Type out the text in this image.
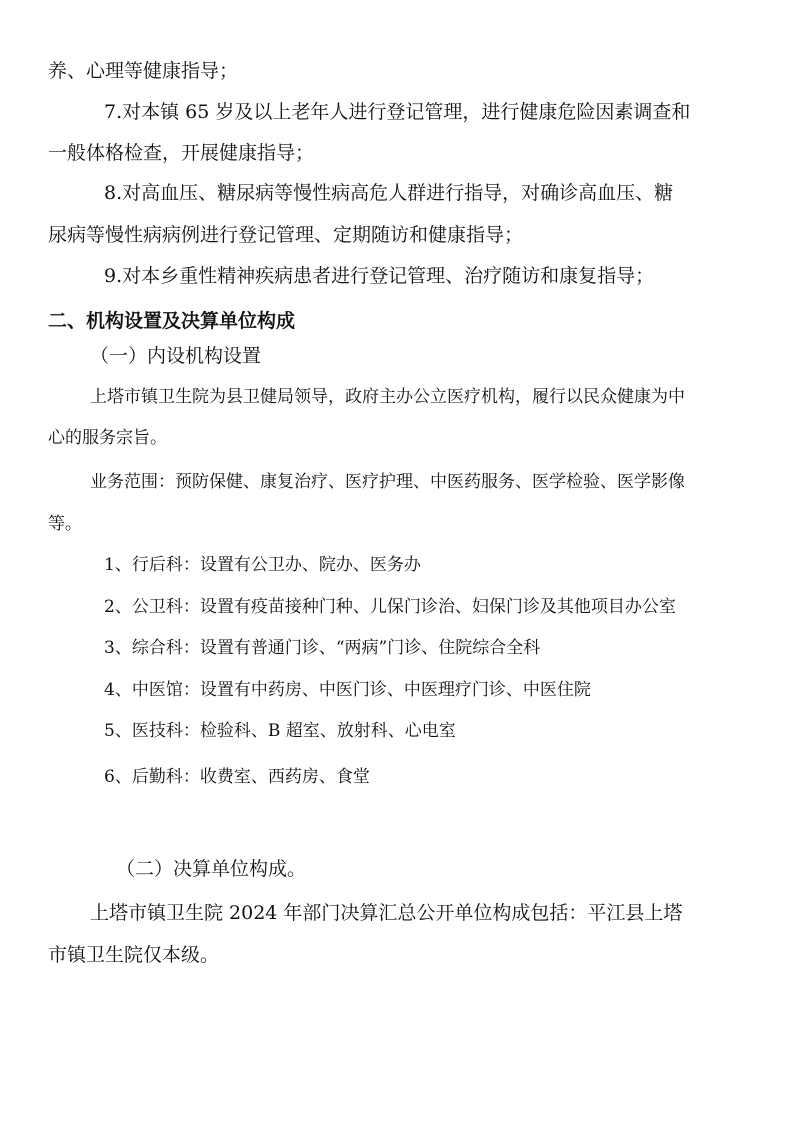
养、心理等健康指导；
7.对本镇 65 岁及以上老年人进行登记管理，进行健康危险因素调查和
一般体格检查，开展健康指导；
8.对高血压、糖尿病等慢性病高危人群进行指导，对确诊高血压、糖
尿病等慢性病病例进行登记管理、定期随访和健康指导；
9.对本乡重性精神疾病患者进行登记管理、治疗随访和康复指导；
二、机构设置及决算单位构成
（一）内设机构设置
上塔市镇卫生院为县卫健局领导，政府主办公立医疗机构，履行以民众健康为中
心的服务宗旨。
业务范围：预防保健、康复治疗、医疗护理、中医药服务、医学检验、医学影像
等。
1、行后科：设置有公卫办、院办、医务办
2、公卫科：设置有疫苗接种门种、儿保门诊治、妇保门诊及其他项目办公室
3、综合科：设置有普通门诊、“两病”门诊、住院综合全科
4、中医馆：设置有中药房、中医门诊、中医理疗门诊、中医住院
5、医技科：检验科、B 超室、放射科、心电室
6、后勤科：收费室、西药房、食堂
（二）决算单位构成。
上塔市镇卫生院 2024 年部门决算汇总公开单位构成包括：平江县上塔
市镇卫生院仅本级。
